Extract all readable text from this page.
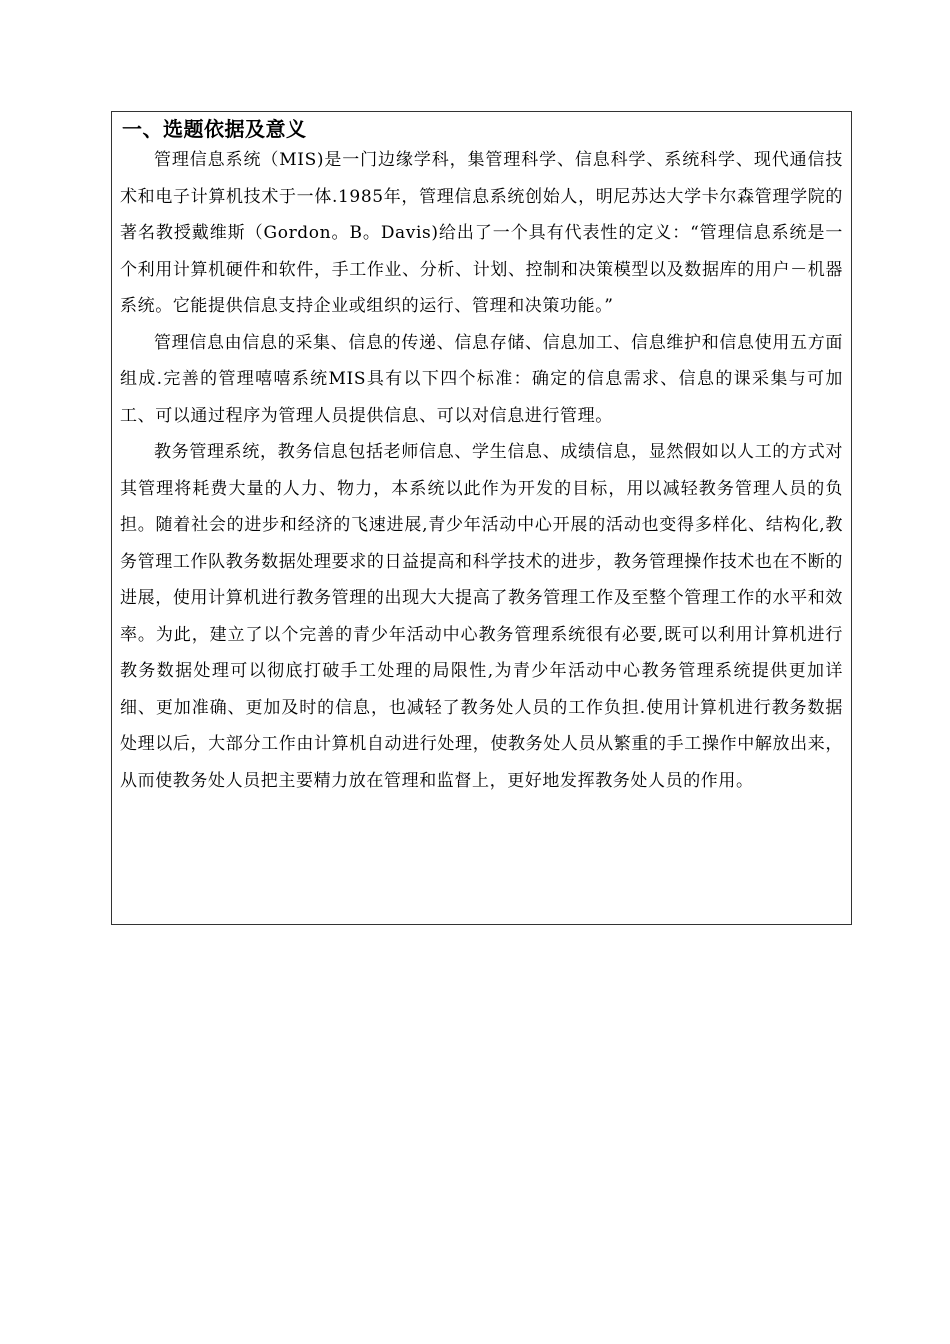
一、选题依据及意义

管理信息系统（MIS)是一门边缘学科，集管理科学、信息科学、系统科学、现代通信技术和电子计算机技术于一体.1985年，管理信息系统创始人，明尼苏达大学卡尔森管理学院的著名教授戴维斯（Gordon。B。Davis)给出了一个具有代表性的定义：“管理信息系统是一个利用计算机硬件和软件，手工作业、分析、计划、控制和决策模型以及数据库的用户－机器系统。它能提供信息支持企业或组织的运行、管理和决策功能。”

管理信息由信息的采集、信息的传递、信息存储、信息加工、信息维护和信息使用五方面组成.完善的管理嘻嘻系统MIS具有以下四个标准：确定的信息需求、信息的课采集与可加工、可以通过程序为管理人员提供信息、可以对信息进行管理。

教务管理系统，教务信息包括老师信息、学生信息、成绩信息，显然假如以人工的方式对其管理将耗费大量的人力、物力，本系统以此作为开发的目标，用以减轻教务管理人员的负担。随着社会的进步和经济的飞速进展,青少年活动中心开展的活动也变得多样化、结构化,教务管理工作队教务数据处理要求的日益提高和科学技术的进步，教务管理操作技术也在不断的进展，使用计算机进行教务管理的出现大大提高了教务管理工作及至整个管理工作的水平和效率。为此，建立了以个完善的青少年活动中心教务管理系统很有必要,既可以利用计算机进行教务数据处理可以彻底打破手工处理的局限性,为青少年活动中心教务管理系统提供更加详细、更加准确、更加及时的信息，也减轻了教务处人员的工作负担.使用计算机进行教务数据处理以后，大部分工作由计算机自动进行处理，使教务处人员从繁重的手工操作中解放出来，从而使教务处人员把主要精力放在管理和监督上，更好地发挥教务处人员的作用。
